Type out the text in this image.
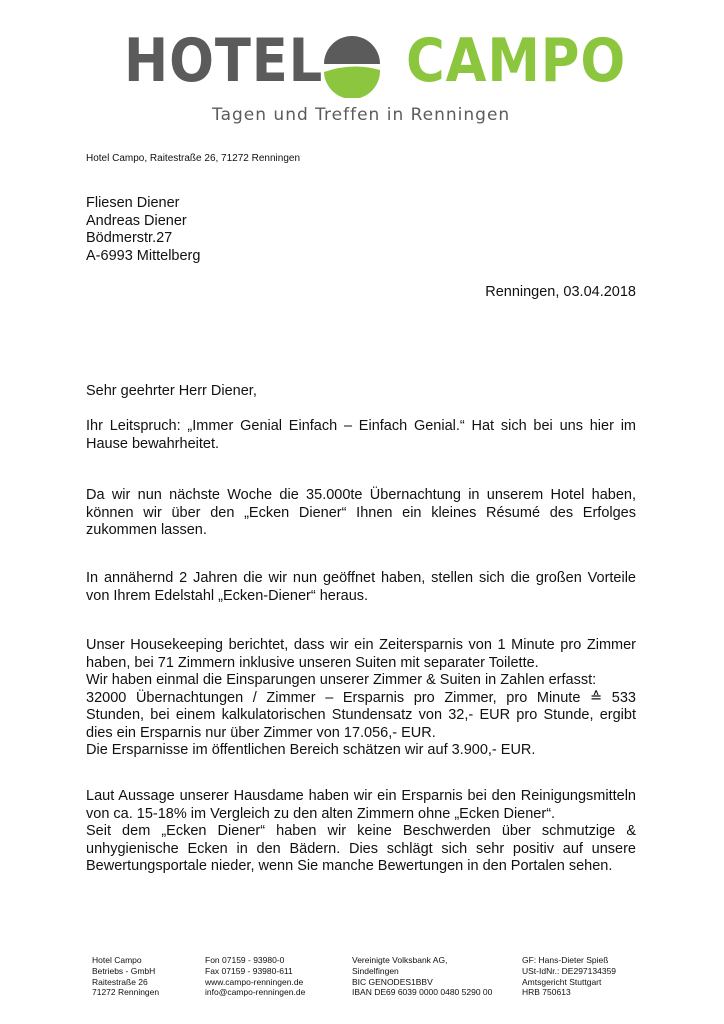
HOTEL CAMPO
Tagen und Treffen in Renningen
Hotel Campo, Raitestraße 26, 71272 Renningen
Fliesen Diener
Andreas Diener
Bödmerstr.27
A-6993 Mittelberg
Renningen, 03.04.2018
Sehr geehrter Herr Diener,

Ihr Leitspruch: „Immer Genial Einfach – Einfach Genial.“ Hat sich bei uns hier im Hause bewahrheitet.

Da wir nun nächste Woche die 35.000te Übernachtung in unserem Hotel haben, können wir über den „Ecken Diener“ Ihnen ein kleines Résumé des Erfolges zukommen lassen.

In annähernd 2 Jahren die wir nun geöffnet haben, stellen sich die großen Vorteile von Ihrem Edelstahl „Ecken-Diener“ heraus.

Unser Housekeeping berichtet, dass wir ein Zeitersparnis von 1 Minute pro Zimmer haben, bei 71 Zimmern inklusive unseren Suiten mit separater Toilette.

Wir haben einmal die Einsparungen unserer Zimmer & Suiten in Zahlen erfasst:

32000 Übernachtungen / Zimmer – Ersparnis pro Zimmer, pro Minute ≙ 533 Stunden, bei einem kalkulatorischen Stundensatz von 32,- EUR pro Stunde, ergibt dies ein Ersparnis nur über Zimmer von 17.056,- EUR.

Die Ersparnisse im öffentlichen Bereich schätzen wir auf 3.900,- EUR.

Laut Aussage unserer Hausdame haben wir ein Ersparnis bei den Reinigungsmitteln von ca. 15-18% im Vergleich zu den alten Zimmern ohne „Ecken Diener“.

Seit dem „Ecken Diener“ haben wir keine Beschwerden über schmutzige & unhygienische Ecken in den Bädern. Dies schlägt sich sehr positiv auf unsere Bewertungsportale nieder, wenn Sie manche Bewertungen in den Portalen sehen.

Hotel Campo
Betriebs - GmbH
Raitestraße 26
71272 Renningen
Fon 07159 - 93980-0
Fax 07159 - 93980-611
www.campo-renningen.de
info@campo-renningen.de
Vereinigte Volksbank AG,
Sindelfingen
BIC GENODES1BBV
IBAN DE69 6039 0000 0480 5290 00
GF: Hans-Dieter Spieß
USt-IdNr.: DE297134359
Amtsgericht Stuttgart
HRB 750613
